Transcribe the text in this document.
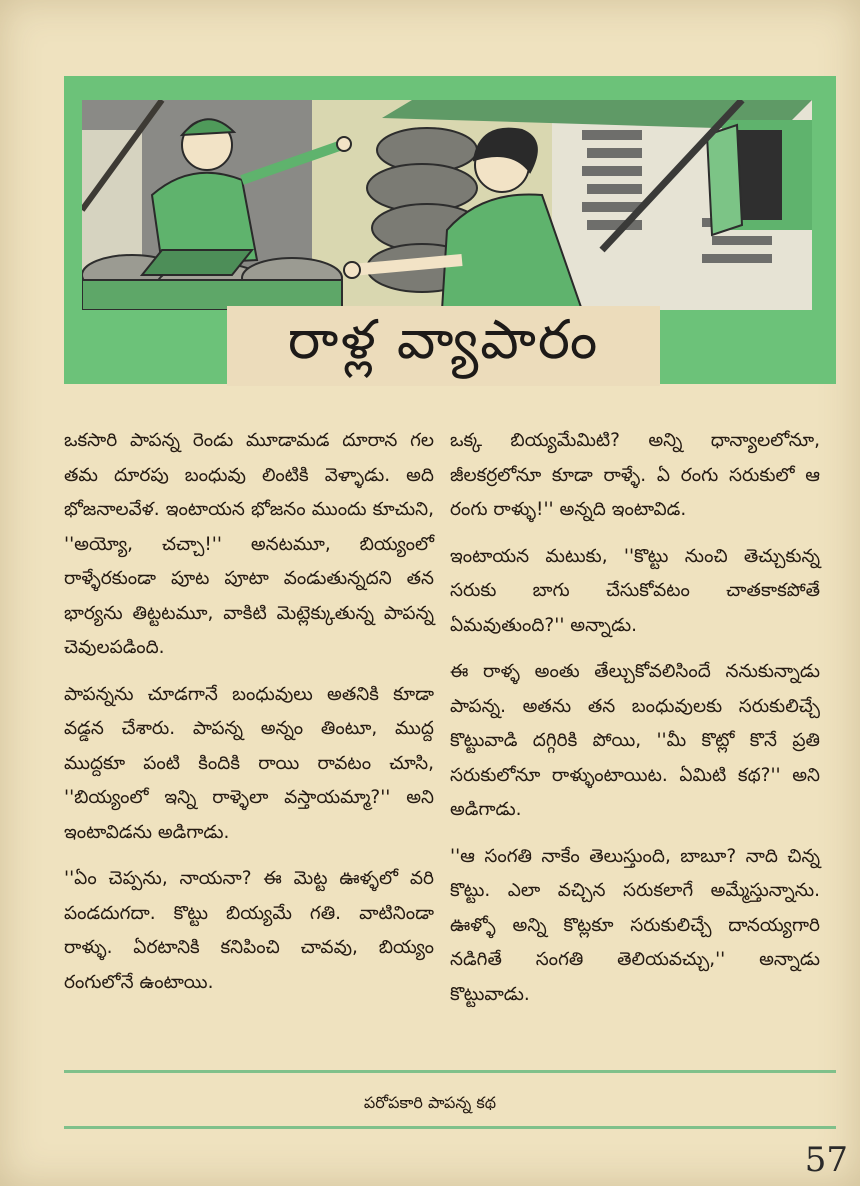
రాళ్ల వ్యాపారం

ఒకసారి పాపన్న రెండు మూడామడ దూరాన గల తమ దూరపు బంధువు లింటికి వెళ్ళాడు. అది భోజనాలవేళ. ఇంటాయన భోజనం ముందు కూచుని, ''అయ్యో, చచ్చా!'' అనటమూ, బియ్యంలో రాళ్ళేరకుండా పూట పూటా వండుతున్నదని తన భార్యను తిట్టటమూ, వాకిటి మెట్లెక్కుతున్న పాపన్న చెవులపడింది.

పాపన్నను చూడగానే బంధువులు అతనికి కూడా వడ్డన చేశారు. పాపన్న అన్నం తింటూ, ముద్ద ముద్దకూ పంటి కిందికి రాయి రావటం చూసి, ''బియ్యంలో ఇన్ని రాళ్ళెలా వస్తాయమ్మా?'' అని ఇంటావిడను అడిగాడు.

''ఏం చెప్పను, నాయనా? ఈ మెట్ట ఊళ్ళలో వరి పండదుగదా. కొట్టు బియ్యమే గతి. వాటినిండా రాళ్ళు. ఏరటానికి కనిపించి చావవు, బియ్యం రంగులోనే ఉంటాయి.

ఒక్క బియ్యమేమిటి? అన్ని ధాన్యాలలోనూ, జీలకర్రలోనూ కూడా రాళ్ళే. ఏ రంగు సరుకులో ఆ రంగు రాళ్ళు!'' అన్నది ఇంటావిడ.

ఇంటాయన మటుకు, ''కొట్టు నుంచి తెచ్చుకున్న సరుకు బాగు చేసుకోవటం చాతకాకపోతే ఏమవుతుంది?'' అన్నాడు.

ఈ రాళ్ళ అంతు తేల్చుకోవలిసిందే ననుకున్నాడు పాపన్న. అతను తన బంధువులకు సరుకులిచ్చే కొట్టువాడి దగ్గిరికి పోయి, ''మీ కొట్లో కొనే ప్రతి సరుకులోనూ రాళ్ళుంటాయిట. ఏమిటి కథ?'' అని అడిగాడు.

''ఆ సంగతి నాకేం తెలుస్తుంది, బాబూ? నాది చిన్న కొట్టు. ఎలా వచ్చిన సరుకలాగే అమ్మేస్తున్నాను. ఊళ్ళో అన్ని కొట్లకూ సరుకులిచ్చే దానయ్యగారి నడిగితే సంగతి తెలియవచ్చు,'' అన్నాడు కొట్టువాడు.

పరోపకారి పాపన్న కథ
57
